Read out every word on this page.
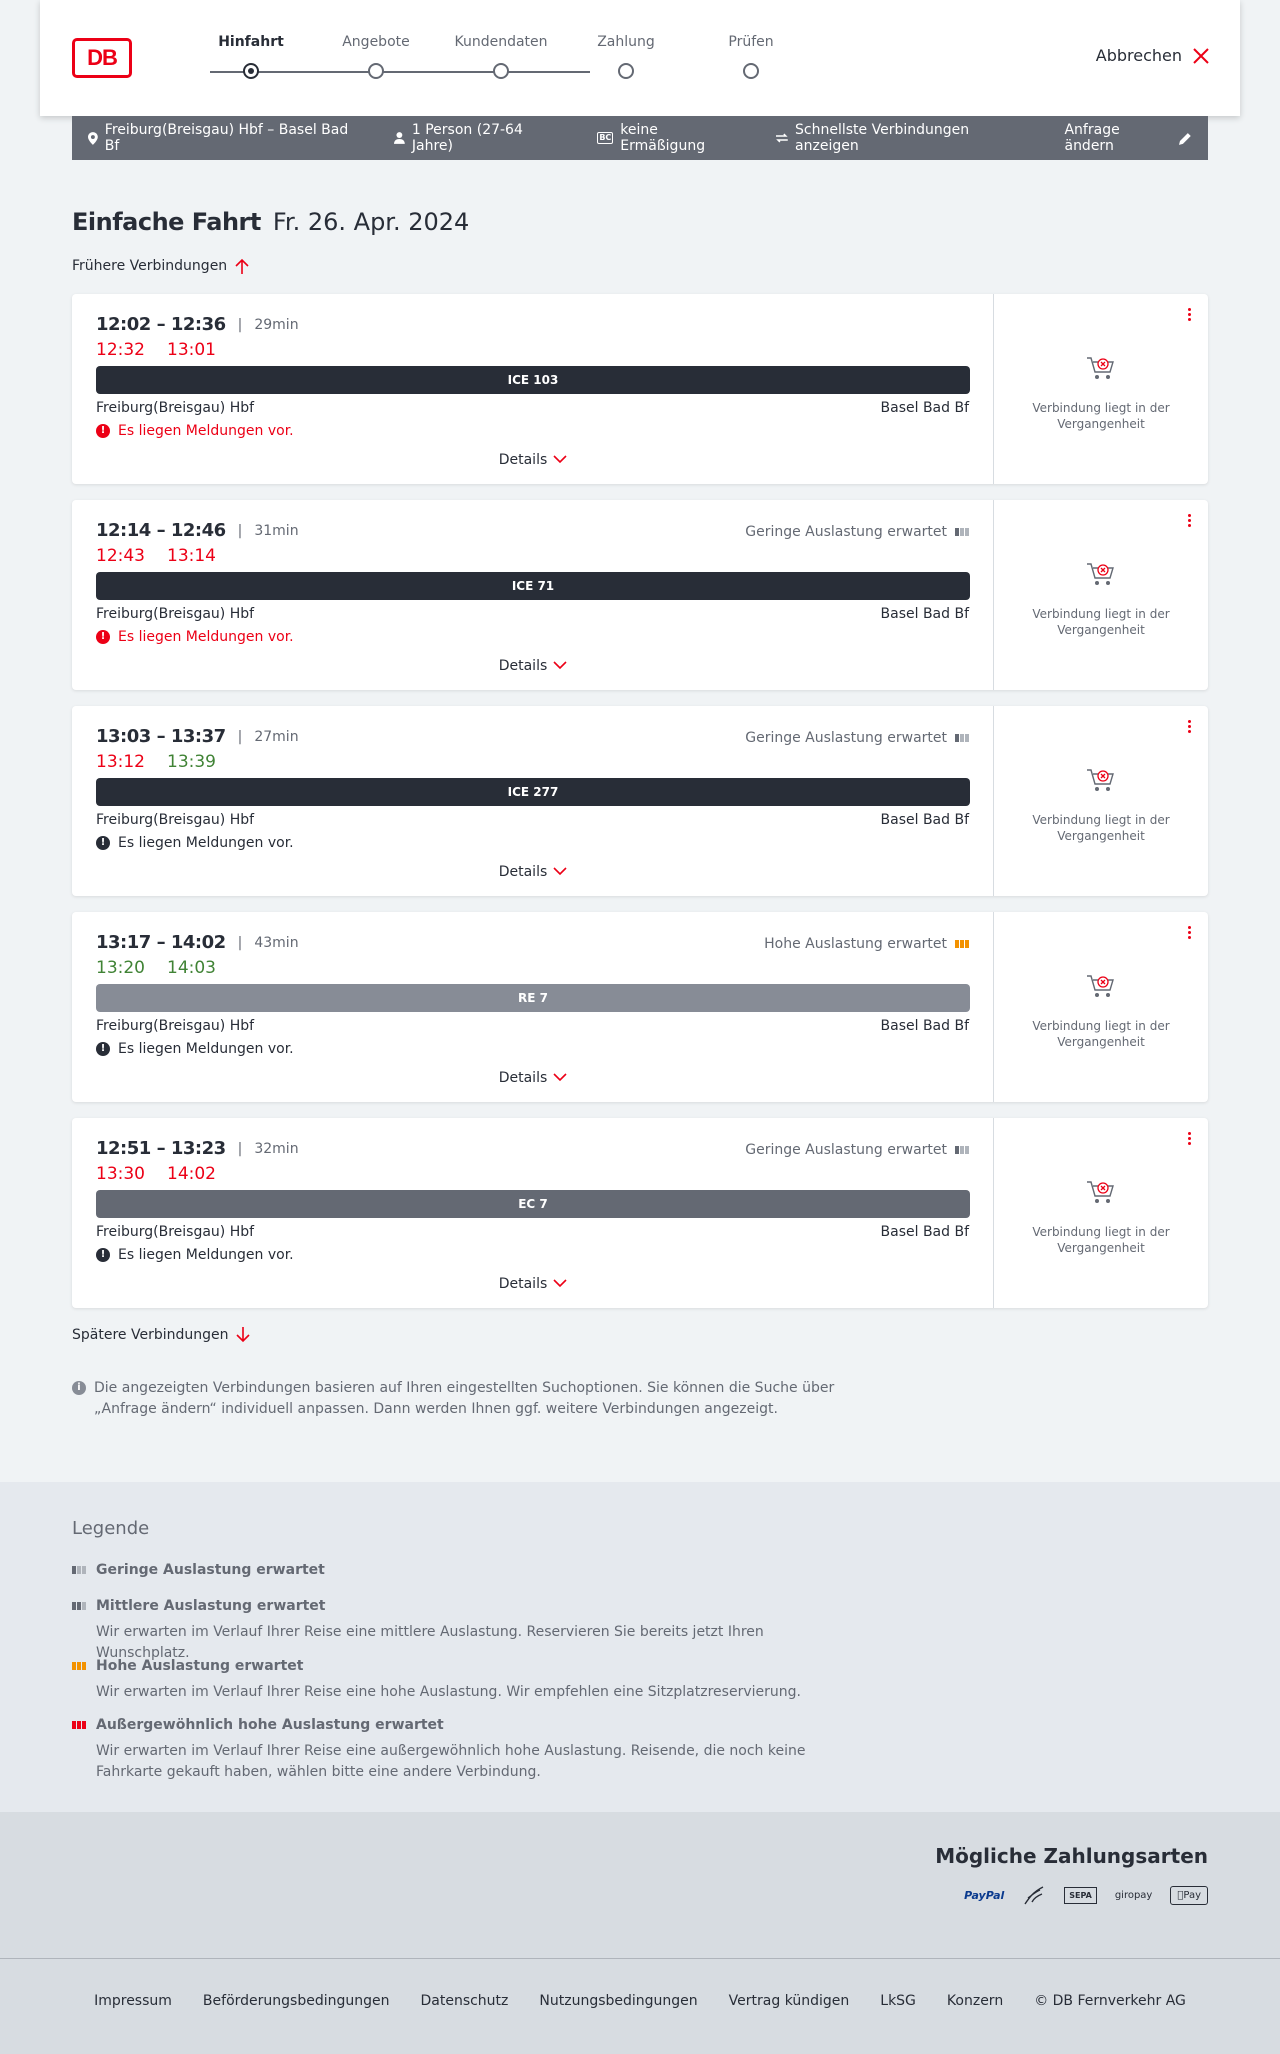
DB
Hinfahrt	Angebote	Kundendaten	Zahlung	Prüfen
Abbrechen
Freiburg(Breisgau) Hbf – Basel Bad Bf
1 Person (27-64 Jahre)
BC keine Ermäßigung
Schnellste Verbindungen anzeigen
Anfrage ändern
Einfache Fahrt Fr. 26. Apr. 2024
Frühere Verbindungen
12:02 – 12:36 | 29min
12:32 13:01
ICE 103
Freiburg(Breisgau) Hbf	Basel Bad Bf
! Es liegen Meldungen vor.
Details
Verbindung liegt in der Vergangenheit
12:14 – 12:46 | 31min	Geringe Auslastung erwartet
12:43 13:14
ICE 71
Freiburg(Breisgau) Hbf	Basel Bad Bf
! Es liegen Meldungen vor.
Details
Verbindung liegt in der Vergangenheit
13:03 – 13:37 | 27min	Geringe Auslastung erwartet
13:12 13:39
ICE 277
Freiburg(Breisgau) Hbf	Basel Bad Bf
! Es liegen Meldungen vor.
Details
Verbindung liegt in der Vergangenheit
13:17 – 14:02 | 43min	Hohe Auslastung erwartet
13:20 14:03
RE 7
Freiburg(Breisgau) Hbf	Basel Bad Bf
! Es liegen Meldungen vor.
Details
Verbindung liegt in der Vergangenheit
12:51 – 13:23 | 32min	Geringe Auslastung erwartet
13:30 14:02
EC 7
Freiburg(Breisgau) Hbf	Basel Bad Bf
! Es liegen Meldungen vor.
Details
Verbindung liegt in der Vergangenheit
Spätere Verbindungen
i Die angezeigten Verbindungen basieren auf Ihren eingestellten Suchoptionen. Sie können die Suche über „Anfrage ändern“ individuell anpassen. Dann werden Ihnen ggf. weitere Verbindungen angezeigt.
Legende
Geringe Auslastung erwartet
Mittlere Auslastung erwartet
Wir erwarten im Verlauf Ihrer Reise eine mittlere Auslastung. Reservieren Sie bereits jetzt Ihren Wunschplatz.
Hohe Auslastung erwartet
Wir erwarten im Verlauf Ihrer Reise eine hohe Auslastung. Wir empfehlen eine Sitzplatzreservierung.
Außergewöhnlich hohe Auslastung erwartet
Wir erwarten im Verlauf Ihrer Reise eine außergewöhnlich hohe Auslastung. Reisende, die noch keine Fahrkarte gekauft haben, wählen bitte eine andere Verbindung.
Mögliche Zahlungsarten
PayPal	SEPA	giropay	Pay
Impressum Beförderungsbedingungen Datenschutz Nutzungsbedingungen Vertrag kündigen LkSG Konzern © DB Fernverkehr AG
